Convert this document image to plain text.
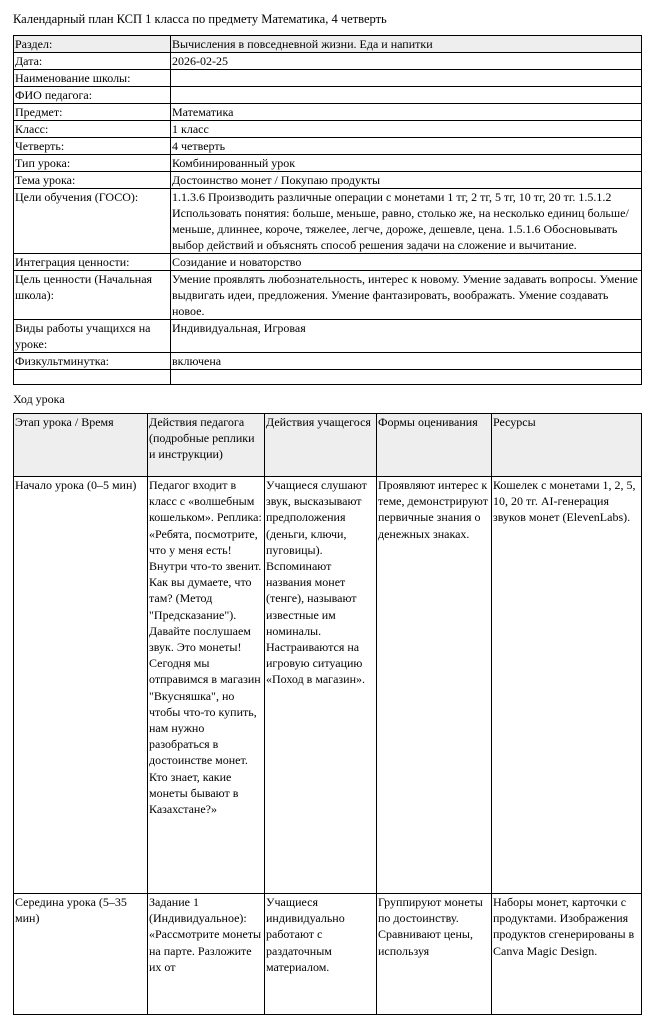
Календарный план КСП 1 класса по предмету Математика, 4 четверть
Раздел:	Вычисления в повседневной жизни. Еда и напитки
Дата:	2026-02-25
Наименование школы:	
ФИО педагога:	
Предмет:	Математика
Класс:	1 класс
Четверть:	4 четверть
Тип урока:	Комбинированный урок
Тема урока:	Достоинство монет / Покупаю продукты
Цели обучения (ГОСО):	1.1.3.6 Производить различные операции с монетами 1 тг, 2 тг, 5 тг, 10 тг, 20 тг. 1.5.1.2 Использовать понятия: больше, меньше, равно, столько же, на несколько единиц больше/меньше, длиннее, короче, тяжелее, легче, дороже, дешевле, цена. 1.5.1.6 Обосновывать выбор действий и объяснять способ решения задачи на сложение и вычитание.
Интеграция ценности:	Созидание и новаторство
Цель ценности (Начальная школа):	Умение проявлять любознательность, интерес к новому. Умение задавать вопросы. Умение выдвигать идеи, предложения. Умение фантазировать, воображать. Умение создавать новое.
Виды работы учащихся на уроке:	Индивидуальная, Игровая
Физкультминутка:	включена

Ход урока
Этап урока / Время	Действия педагога (подробные реплики и инструкции)	Действия учащегося	Формы оценивания	Ресурсы
Начало урока (0–5 мин)	Педагог входит в класс с «волшебным кошельком». Реплика: «Ребята, посмотрите, что у меня есть! Внутри что-то звенит. Как вы думаете, что там? (Метод "Предсказание"). Давайте послушаем звук. Это монеты! Сегодня мы отправимся в магазин "Вкусняшка", но чтобы что-то купить, нам нужно разобраться в достоинстве монет. Кто знает, какие монеты бывают в Казахстане?»	Учащиеся слушают звук, высказывают предположения (деньги, ключи, пуговицы). Вспоминают названия монет (тенге), называют известные им номиналы. Настраиваются на игровую ситуацию «Поход в магазин».	Проявляют интерес к теме, демонстрируют первичные знания о денежных знаках.	Кошелек с монетами 1, 2, 5, 10, 20 тг. AI-генерация звуков монет (ElevenLabs).
Середина урока (5–35 мин)	Задание 1 (Индивидуальное): «Рассмотрите монеты на парте. Разложите их от	Учащиеся индивидуально работают с раздаточным материалом.	Группируют монеты по достоинству. Сравнивают цены, используя	Наборы монет, карточки с продуктами. Изображения продуктов сгенерированы в Canva Magic Design.
